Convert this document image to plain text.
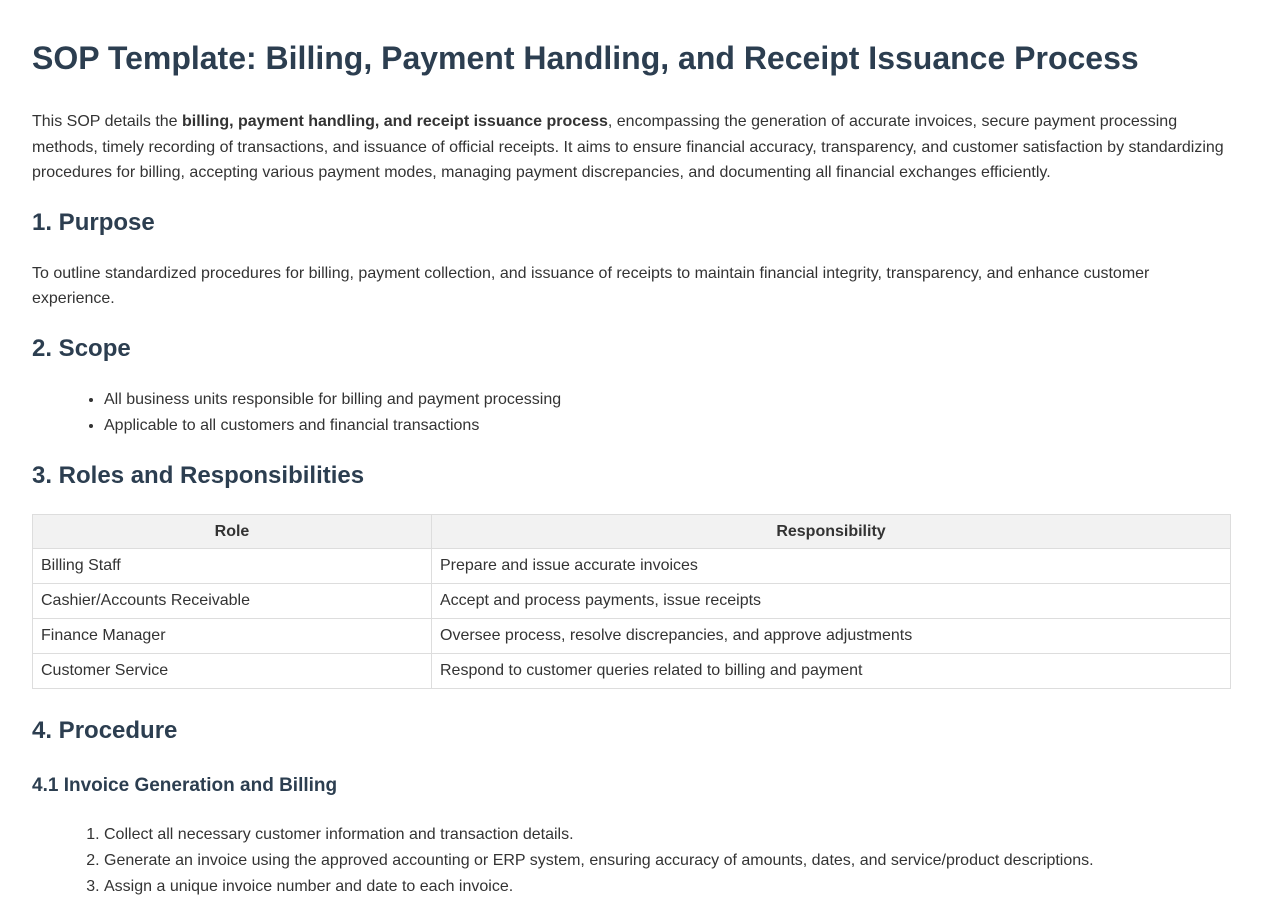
SOP Template: Billing, Payment Handling, and Receipt Issuance Process

This SOP details the billing, payment handling, and receipt issuance process, encompassing the generation of accurate invoices, secure payment processing methods, timely recording of transactions, and issuance of official receipts. It aims to ensure financial accuracy, transparency, and customer satisfaction by standardizing procedures for billing, accepting various payment modes, managing payment discrepancies, and documenting all financial exchanges efficiently.

1. Purpose

To outline standardized procedures for billing, payment collection, and issuance of receipts to maintain financial integrity, transparency, and enhance customer experience.

2. Scope
• All business units responsible for billing and payment processing
• Applicable to all customers and financial transactions
3. Roles and Responsibilities
Role	Responsibility
Billing Staff	Prepare and issue accurate invoices
Cashier/Accounts Receivable	Accept and process payments, issue receipts
Finance Manager	Oversee process, resolve discrepancies, and approve adjustments
Customer Service	Respond to customer queries related to billing and payment
4. Procedure
4.1 Invoice Generation and Billing
1. Collect all necessary customer information and transaction details.
2. Generate an invoice using the approved accounting or ERP system, ensuring accuracy of amounts, dates, and service/product descriptions.
3. Assign a unique invoice number and date to each invoice.
